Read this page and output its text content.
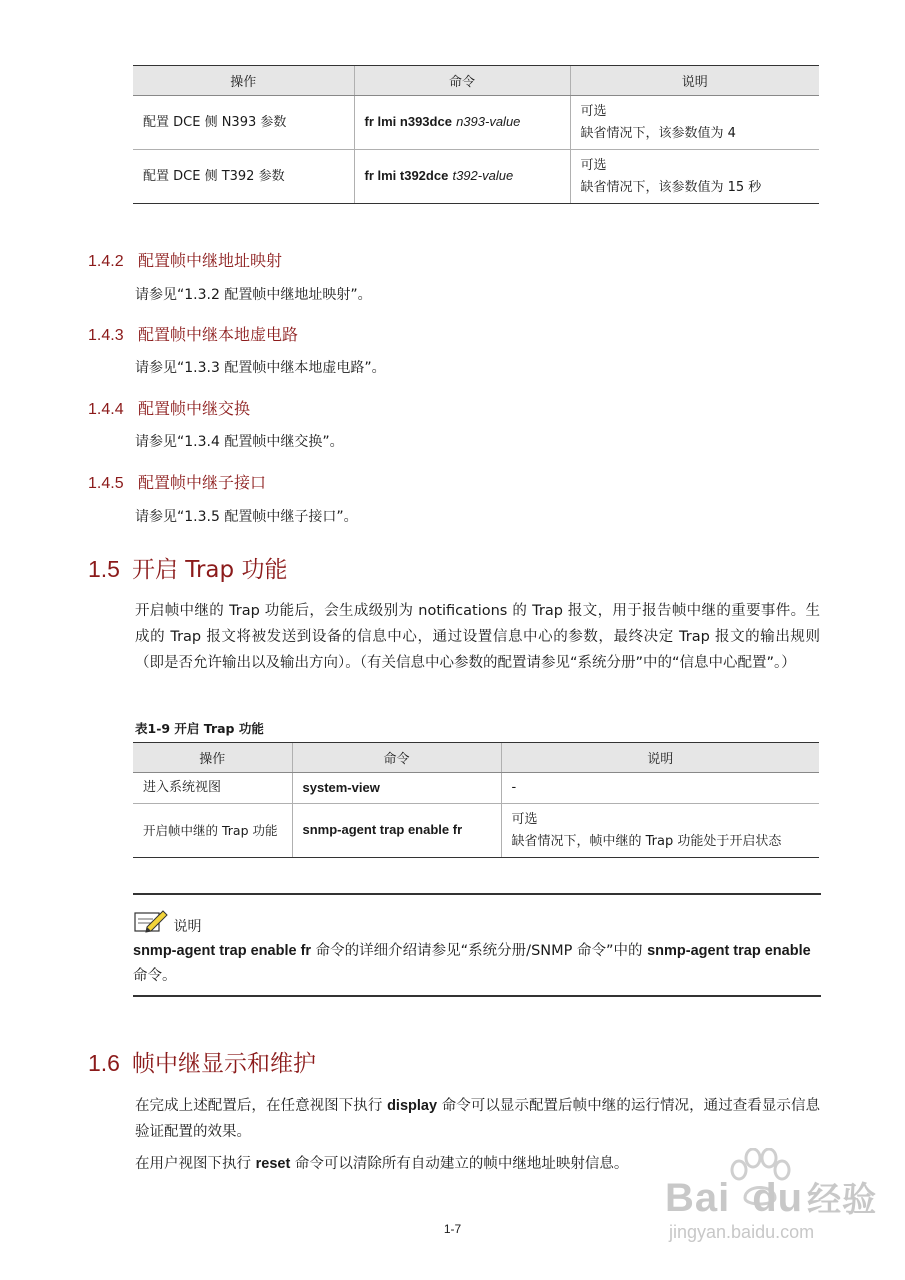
操作	命令	说明
配置 DCE 侧 N393 参数	fr lmi n393dce n393-value	可选
缺省情况下，该参数值为 4

配置 DCE 侧 T392 参数	fr lmi t392dce t392-value	可选
缺省情况下，该参数值为 15 秒
1.4.2 配置帧中继地址映射
请参见“1.3.2 配置帧中继地址映射”。
1.4.3 配置帧中继本地虚电路
请参见“1.3.3 配置帧中继本地虚电路”。
1.4.4 配置帧中继交换
请参见“1.3.4 配置帧中继交换”。
1.4.5 配置帧中继子接口
请参见“1.3.5 配置帧中继子接口”。
1.5 开启 Trap 功能
开启帧中继的 Trap 功能后，会生成级别为 notifications 的 Trap 报文，用于报告帧中继的重要事件。生成的 Trap 报文将被发送到设备的信息中心，通过设置信息中心的参数，最终决定 Trap 报文的输出规则（即是否允许输出以及输出方向）。（有关信息中心参数的配置请参见“系统分册”中的“信息中心配置”。）
表1-9 开启 Trap 功能
操作	命令	说明
进入系统视图	system-view	-

开启帧中继的 Trap 功能	snmp-agent trap enable fr	可选
缺省情况下，帧中继的 Trap 功能处于开启状态
说明
snmp-agent trap enable fr 命令的详细介绍请参见“系统分册/SNMP 命令”中的 snmp-agent trap enable 命令。
1.6 帧中继显示和维护
在完成上述配置后，在任意视图下执行 display 命令可以显示配置后帧中继的运行情况，通过查看显示信息验证配置的效果。
在用户视图下执行 reset 命令可以清除所有自动建立的帧中继地址映射信息。
Bai du 经验
jingyan.baidu.com
1-7
